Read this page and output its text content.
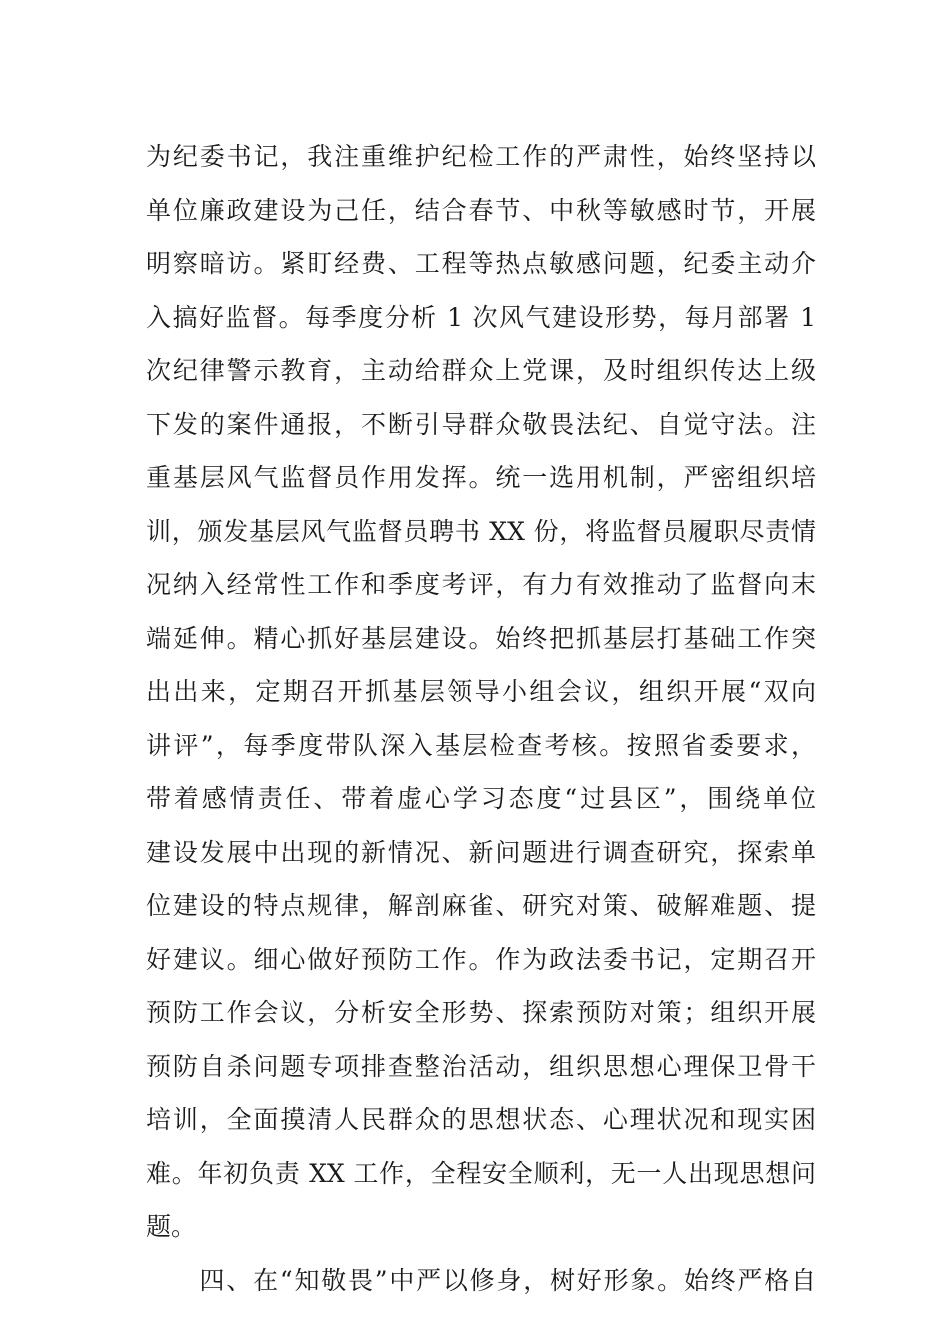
为纪委书记，我注重维护纪检工作的严肃性，始终坚持以
单位廉政建设为己任，结合春节、中秋等敏感时节，开展
明察暗访。紧盯经费、工程等热点敏感问题，纪委主动介
入搞好监督。每季度分析 1 次风气建设形势，每月部署 1
次纪律警示教育，主动给群众上党课，及时组织传达上级
下发的案件通报，不断引导群众敬畏法纪、自觉守法。注
重基层风气监督员作用发挥。统一选用机制，严密组织培
训，颁发基层风气监督员聘书 XX 份，将监督员履职尽责情
况纳入经常性工作和季度考评，有力有效推动了监督向末
端延伸。精心抓好基层建设。始终把抓基层打基础工作突
出出来，定期召开抓基层领导小组会议，组织开展“双向
讲评”，每季度带队深入基层检查考核。按照省委要求，
带着感情责任、带着虚心学习态度“过县区”，围绕单位
建设发展中出现的新情况、新问题进行调查研究，探索单
位建设的特点规律，解剖麻雀、研究对策、破解难题、提
好建议。细心做好预防工作。作为政法委书记，定期召开
预防工作会议，分析安全形势、探索预防对策；组织开展
预防自杀问题专项排查整治活动，组织思想心理保卫骨干
培训，全面摸清人民群众的思想状态、心理状况和现实困
难。年初负责 XX 工作，全程安全顺利，无一人出现思想问
题。
　　四、在“知敬畏”中严以修身，树好形象。始终严格自
